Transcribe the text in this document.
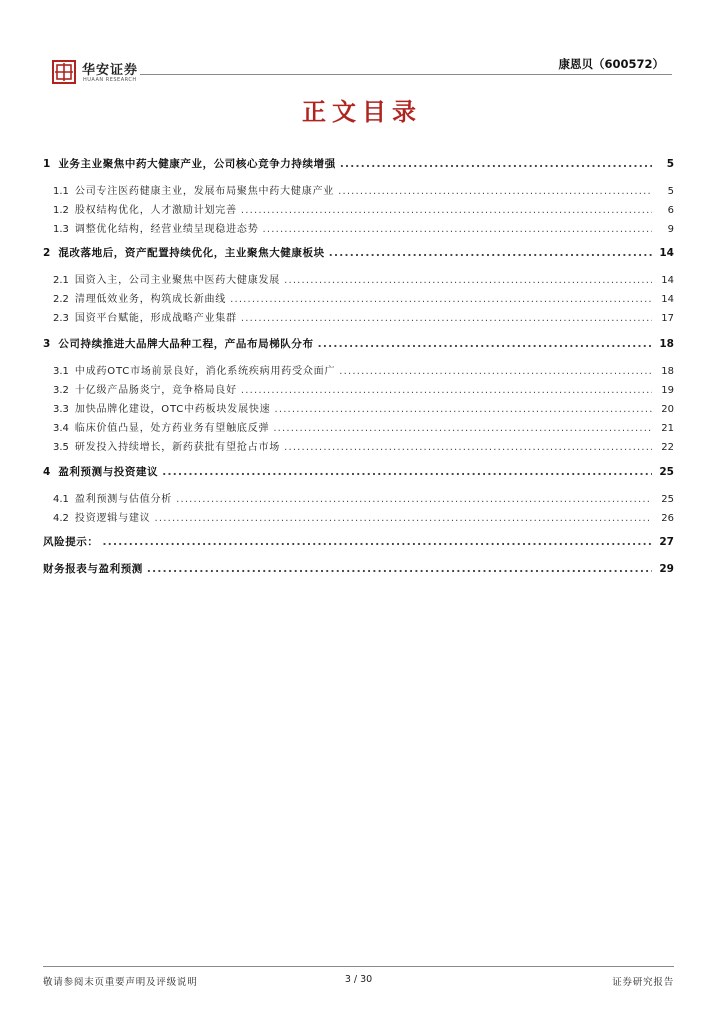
华安证券
HUAAN RESEARCH
康恩贝（600572）
正文目录
1 业务主业聚焦中药大健康产业，公司核心竞争力持续增强 . . .	5
1.1 公司专注医药健康主业，发展布局聚焦中药大健康产业 . . .	5
1.2 股权结构优化，人才激励计划完善 . . .	6
1.3 调整优化结构，经营业绩呈现稳进态势 . . .	9
2 混改落地后，资产配置持续优化，主业聚焦大健康板块 . . .	14
2.1 国资入主，公司主业聚焦中医药大健康发展 . . .	14
2.2 清理低效业务，构筑成长新曲线 . . .	14
2.3 国资平台赋能，形成战略产业集群 . . .	17
3 公司持续推进大品牌大品种工程，产品布局梯队分布 . . .	18
3.1 中成药OTC市场前景良好，消化系统疾病用药受众面广 . . .	18
3.2 十亿级产品肠炎宁，竞争格局良好 . . .	19
3.3 加快品牌化建设，OTC中药板块发展快速 . . .	20
3.4 临床价值凸显，处方药业务有望触底反弹 . . .	21
3.5 研发投入持续增长，新药获批有望抢占市场 . . .	22
4 盈利预测与投资建议 . . .	25
4.1 盈利预测与估值分析 . . .	25
4.2 投资逻辑与建议 . . .	26
风险提示： . . .	27
财务报表与盈利预测 . . .	29
敬请参阅末页重要声明及评级说明	3 / 30	证券研究报告
